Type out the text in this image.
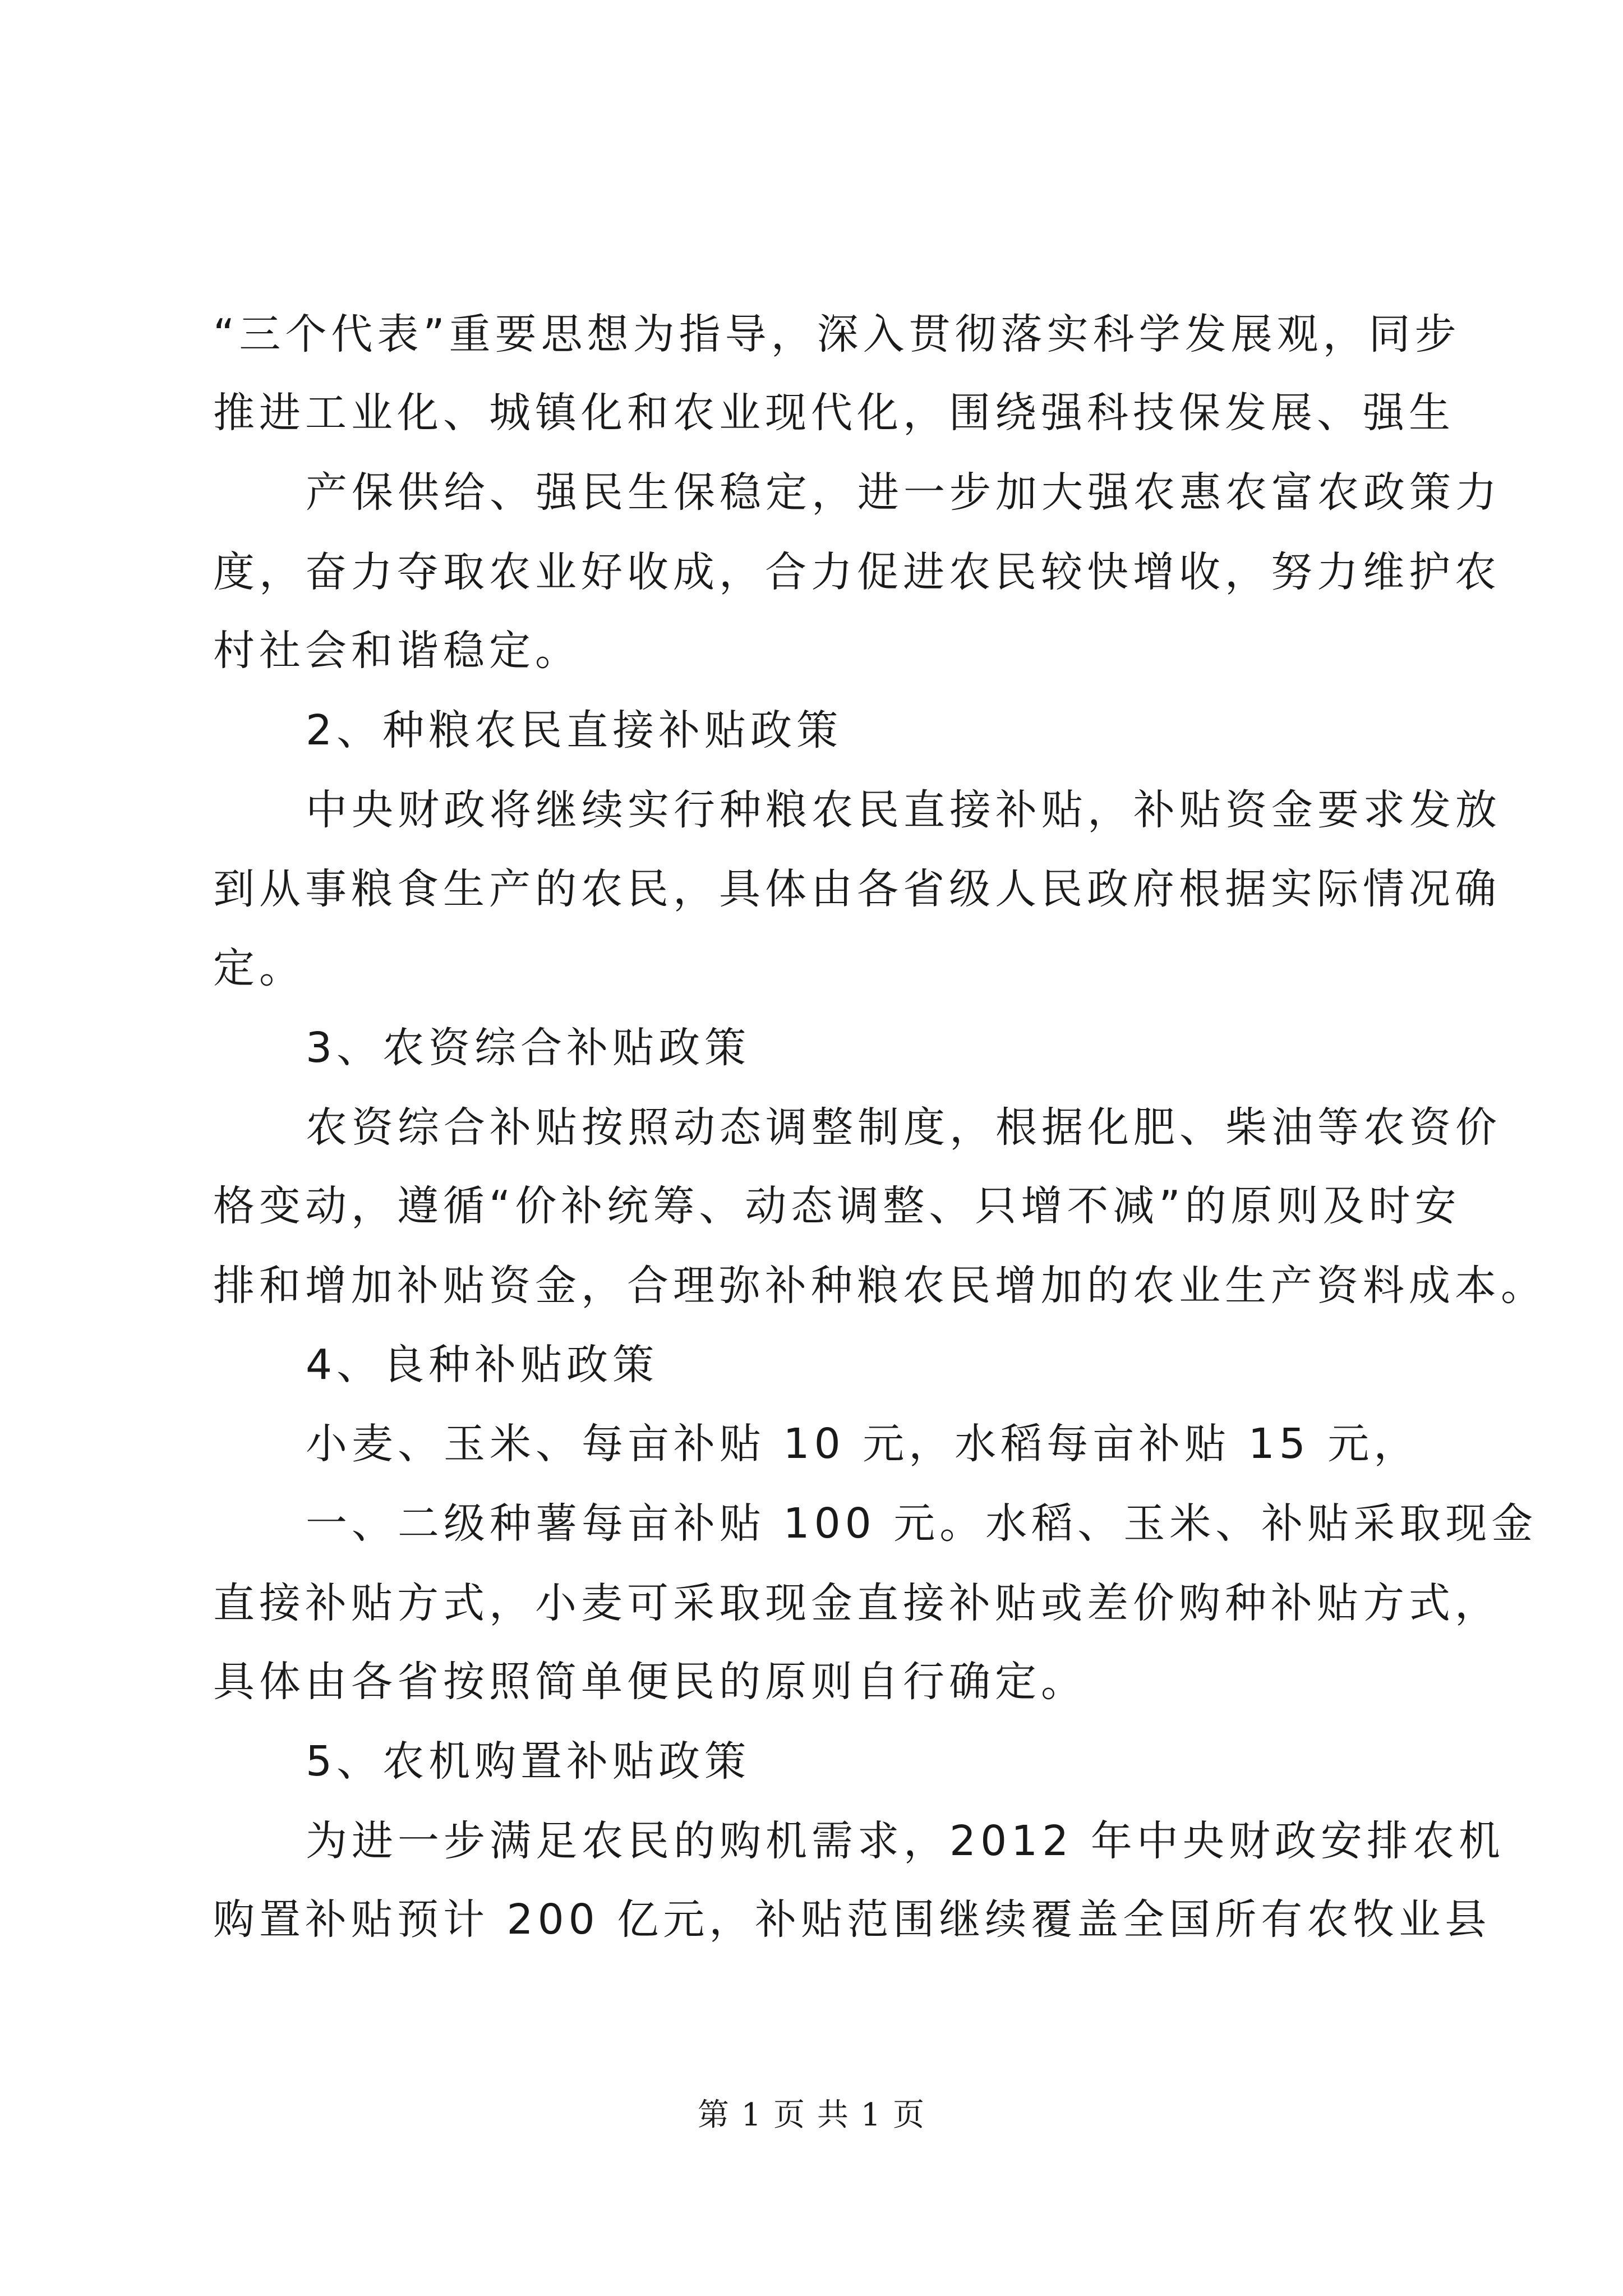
“三个代表”重要思想为指导，深入贯彻落实科学发展观，同步
推进工业化、城镇化和农业现代化，围绕强科技保发展、强生
产保供给、强民生保稳定，进一步加大强农惠农富农政策力
度，奋力夺取农业好收成，合力促进农民较快增收，努力维护农
村社会和谐稳定。
2、种粮农民直接补贴政策
中央财政将继续实行种粮农民直接补贴，补贴资金要求发放
到从事粮食生产的农民，具体由各省级人民政府根据实际情况确
定。
3、农资综合补贴政策
农资综合补贴按照动态调整制度，根据化肥、柴油等农资价
格变动，遵循“价补统筹、动态调整、只增不减”的原则及时安
排和增加补贴资金，合理弥补种粮农民增加的农业生产资料成本。
4、良种补贴政策
小麦、玉米、每亩补贴 10 元，水稻每亩补贴 15 元，
一、二级种薯每亩补贴 100 元。水稻、玉米、补贴采取现金
直接补贴方式，小麦可采取现金直接补贴或差价购种补贴方式，
具体由各省按照简单便民的原则自行确定。
5、农机购置补贴政策
为进一步满足农民的购机需求，2012 年中央财政安排农机
购置补贴预计 200 亿元，补贴范围继续覆盖全国所有农牧业县
第 1 页 共 1 页
